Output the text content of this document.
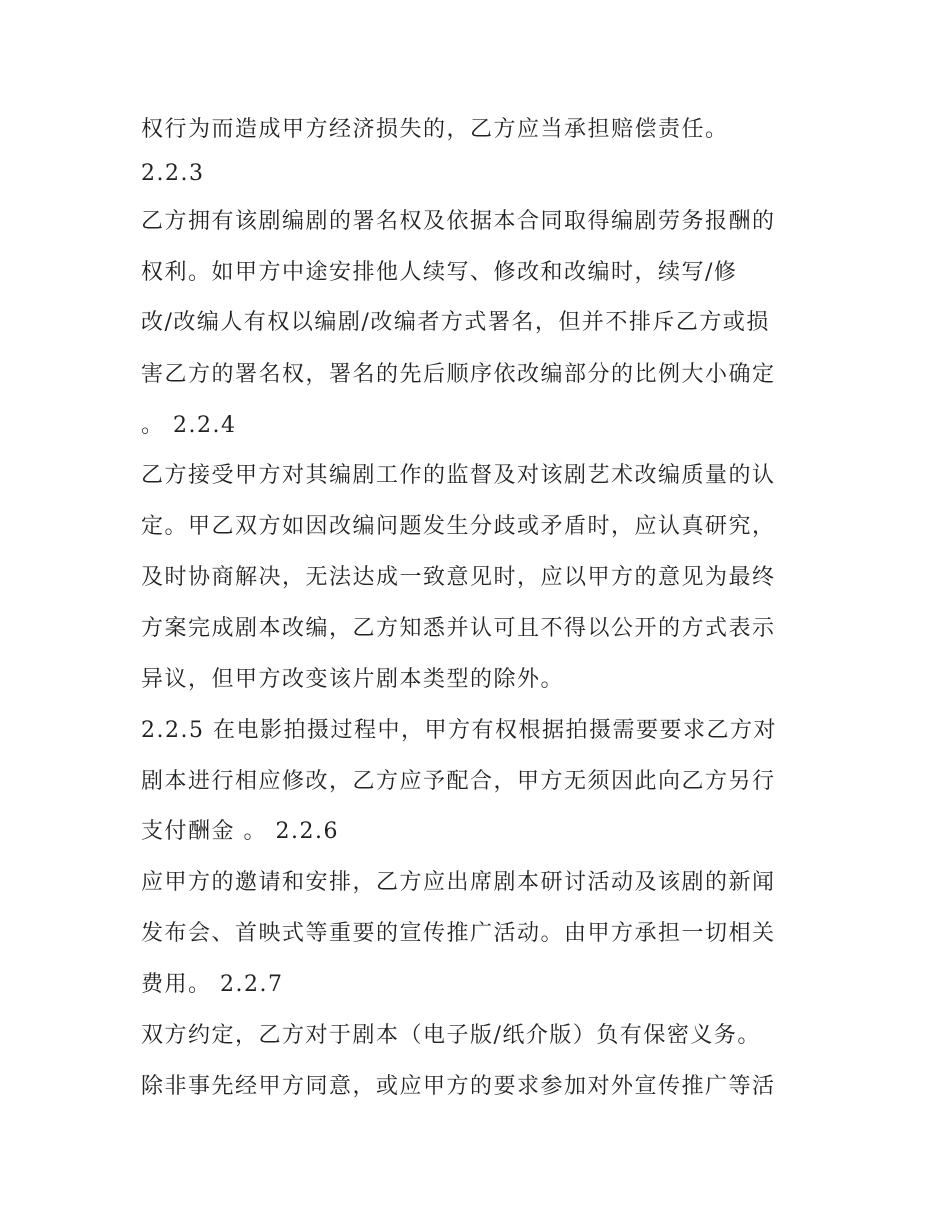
权行为而造成甲方经济损失的，乙方应当承担赔偿责任。
2.2.3
乙方拥有该剧编剧的署名权及依据本合同取得编剧劳务报酬的
权利。如甲方中途安排他人续写、修改和改编时，续写/修
改/改编人有权以编剧/改编者方式署名，但并不排斥乙方或损
害乙方的署名权，署名的先后顺序依改编部分的比例大小确定
。 2.2.4
乙方接受甲方对其编剧工作的监督及对该剧艺术改编质量的认
定。甲乙双方如因改编问题发生分歧或矛盾时，应认真研究，
及时协商解决，无法达成一致意见时，应以甲方的意见为最终
方案完成剧本改编，乙方知悉并认可且不得以公开的方式表示
异议，但甲方改变该片剧本类型的除外。
2.2.5 在电影拍摄过程中，甲方有权根据拍摄需要要求乙方对
剧本进行相应修改，乙方应予配合，甲方无须因此向乙方另行
支付酬金 。 2.2.6
应甲方的邀请和安排，乙方应出席剧本研讨活动及该剧的新闻
发布会、首映式等重要的宣传推广活动。由甲方承担一切相关
费用。 2.2.7
双方约定，乙方对于剧本（电子版/纸介版）负有保密义务。
除非事先经甲方同意，或应甲方的要求参加对外宣传推广等活
